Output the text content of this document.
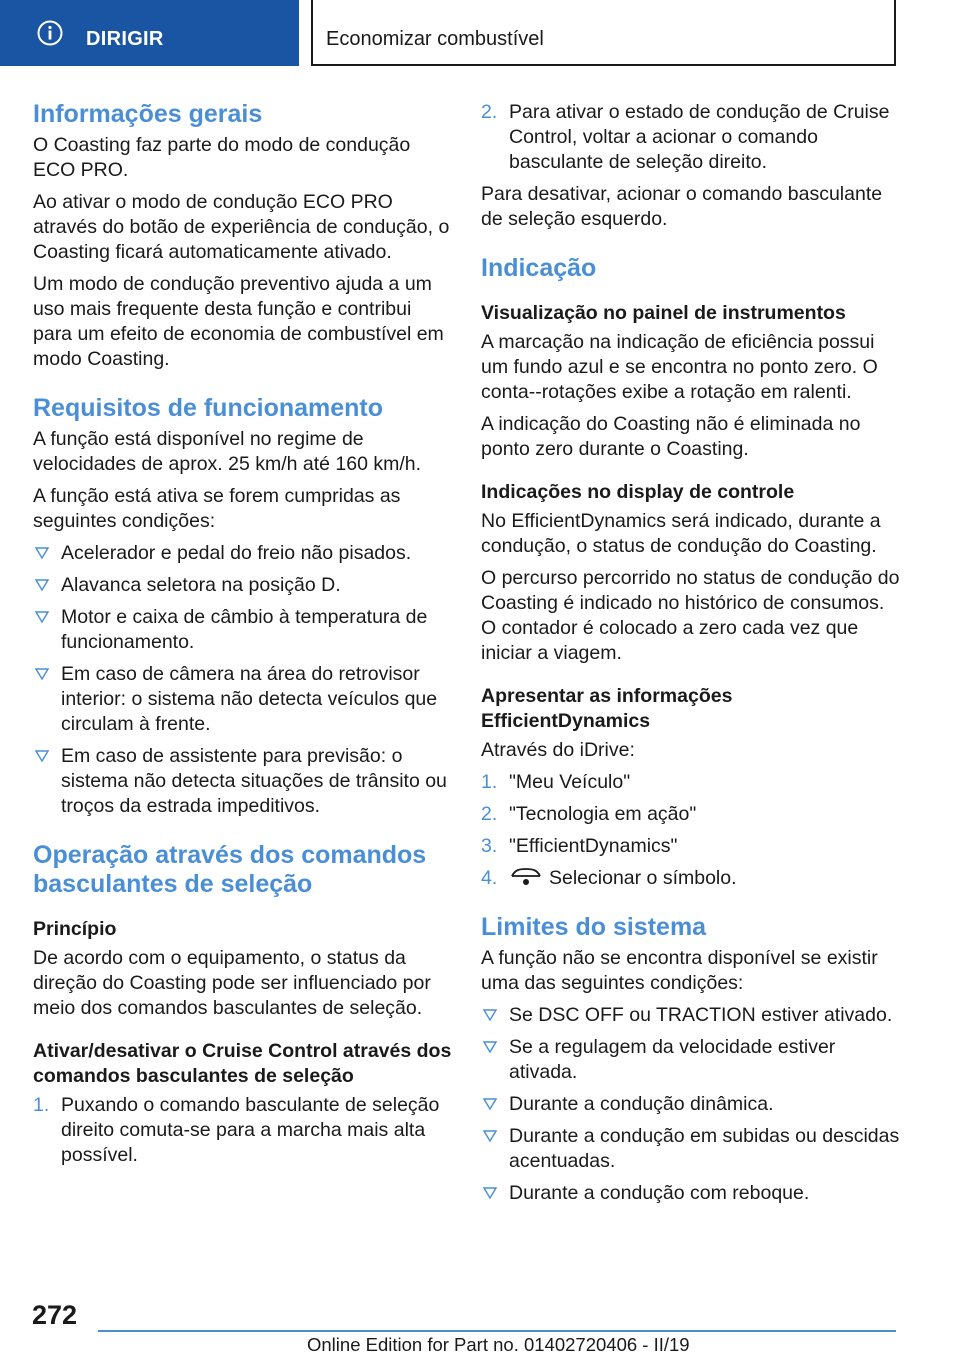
DIRIGIR	Economizar combustível
Informações gerais

O Coasting faz parte do modo de condução ECO PRO.

Ao ativar o modo de condução ECO PRO através do botão de experiência de condução, o Coasting ficará automaticamente ativado.

Um modo de condução preventivo ajuda a um uso mais frequente desta função e contribui para um efeito de economia de combustível em modo Coasting.

Requisitos de funcionamento

A função está disponível no regime de velocidades de aprox. 25 km/h até 160 km/h.

A função está ativa se forem cumpridas as seguintes condições:

Acelerador e pedal do freio não pisados.
Alavanca seletora na posição D.
Motor e caixa de câmbio à temperatura de funcionamento.
Em caso de câmera na área do retrovisor interior: o sistema não detecta veículos que circulam à frente.
Em caso de assistente para previsão: o sistema não detecta situações de trânsito ou troços da estrada impeditivos.
Operação através dos comandos basculantes de seleção
Princípio

De acordo com o equipamento, o status da direção do Coasting pode ser influenciado por meio dos comandos basculantes de seleção.

Ativar/desativar o Cruise Control através dos comandos basculantes de seleção
1. Puxando o comando basculante de seleção direito comuta-se para a marcha mais alta possível.
2. Para ativar o estado de condução de Cruise Control, voltar a acionar o comando basculante de seleção direito.

Para desativar, acionar o comando basculante de seleção esquerdo.

Indicação
Visualização no painel de instrumentos

A marcação na indicação de eficiência possui um fundo azul e se encontra no ponto zero. O conta--rotações exibe a rotação em ralenti.

A indicação do Coasting não é eliminada no ponto zero durante o Coasting.

Indicações no display de controle

No EfficientDynamics será indicado, durante a condução, o status de condução do Coasting.

O percurso percorrido no status de condução do Coasting é indicado no histórico de consumos. O contador é colocado a zero cada vez que iniciar a viagem.

Apresentar as informações EfficientDynamics

Através do iDrive:

1. "Meu Veículo"
2. "Tecnologia em ação"
3. "EfficientDynamics"
4.	Selecionar o símbolo.
Limites do sistema

A função não se encontra disponível se existir uma das seguintes condições:

Se DSC OFF ou TRACTION estiver ativado.
Se a regulagem da velocidade estiver ativada.
Durante a condução dinâmica.
Durante a condução em subidas ou descidas acentuadas.
Durante a condução com reboque.
272
Online Edition for Part no. 01402720406 - II/19
